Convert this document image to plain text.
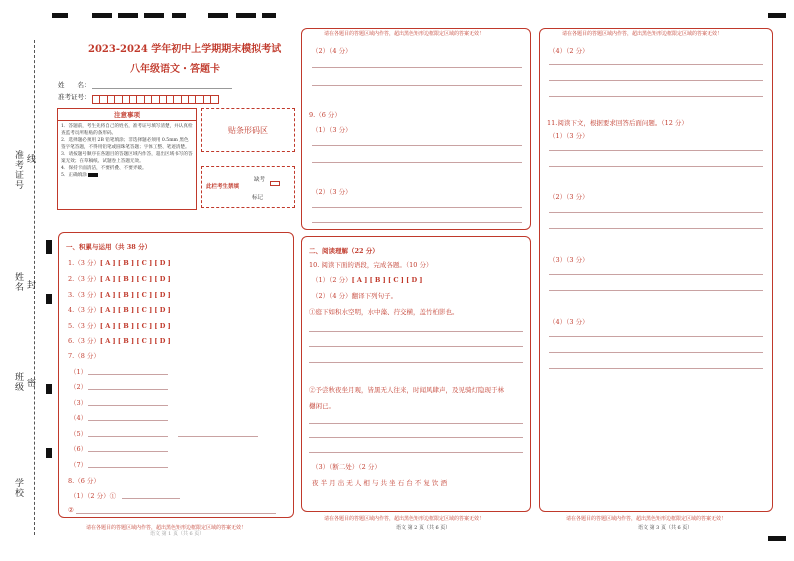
准考证号 线
姓名 封
班级 密
学校
2023-2024 学年初中上学期期末模拟考试
八年级语文・答题卡
姓　　名：
准考证号：
注意事项
1．答题前，考生先将自己的姓名，准考证号填写清楚，并认真检查监考员所粘贴的条形码。
2．选择题必须用 2B 铅笔填涂；非选择题必须用 0.5mm 黑色签字笔答题，不得用铅笔或圆珠笔答题；字体工整、笔迹清楚。
3．请按题号顺序在各题目的答题区域内作答，超出区域书写的答案无效；在草稿纸、试题卷上答题无效。
4．保持卡面清洁，不要折叠、不要弄破。
5．正确填涂
贴条形码区
此栏考生禁填
缺考
标记
一、积累与运用（共 38 分）
1.（3 分）[ A ] [ B ] [ C ] [ D ]
2.（3 分）[ A ] [ B ] [ C ] [ D ]
3.（3 分）[ A ] [ B ] [ C ] [ D ]
4.（3 分）[ A ] [ B ] [ C ] [ D ]
5.（3 分）[ A ] [ B ] [ C ] [ D ]
6.（3 分）[ A ] [ B ] [ C ] [ D ]
7.（8 分）
（1）
（2）
（3）
（4）
（5）
（6）
（7）
8.（6 分）
（1）（2 分）①
②
请在各题目的答题区域内作答，超出黑色矩形边框限定区域的答案无效！
语文 第 1 页（共 6 页）
请在各题目的答题区域内作答，超出黑色矩形边框限定区域的答案无效！
（2）（4 分）
9.（6 分）
（1）（3 分）
（2）（3 分）
二、阅读理解（22 分）
10. 阅读下面的语段，完成各题。（10 分）
（1）（2 分）[ A ] [ B ] [ C ] [ D ]
（2）（4 分）翻译下列句子。
①庭下如积水空明，水中藻、荇交横，盖竹柏影也。
②予尝秋夜坐月观，皆黑无人往来，时闻风肆声，及见骑灯隐现于林
樾闲已。
（3）（断二处）（2 分）
夜 半 月 出 无 人 相 与 共 坐 石 台 不 复 饮 酒
请在各题目的答题区域内作答，超出黑色矩形边框限定区域的答案无效！
语文 第 2 页（共 6 页）
请在各题目的答题区域内作答，超出黑色矩形边框限定区域的答案无效！
（4）（2 分）
11.阅读下文，根据要求回答后面问题。（12 分）
（1）（3 分）
（2）（3 分）
（3）（3 分）
（4）（3 分）
请在各题目的答题区域内作答，超出黑色矩形边框限定区域的答案无效！
语文 第 3 页（共 6 页）
